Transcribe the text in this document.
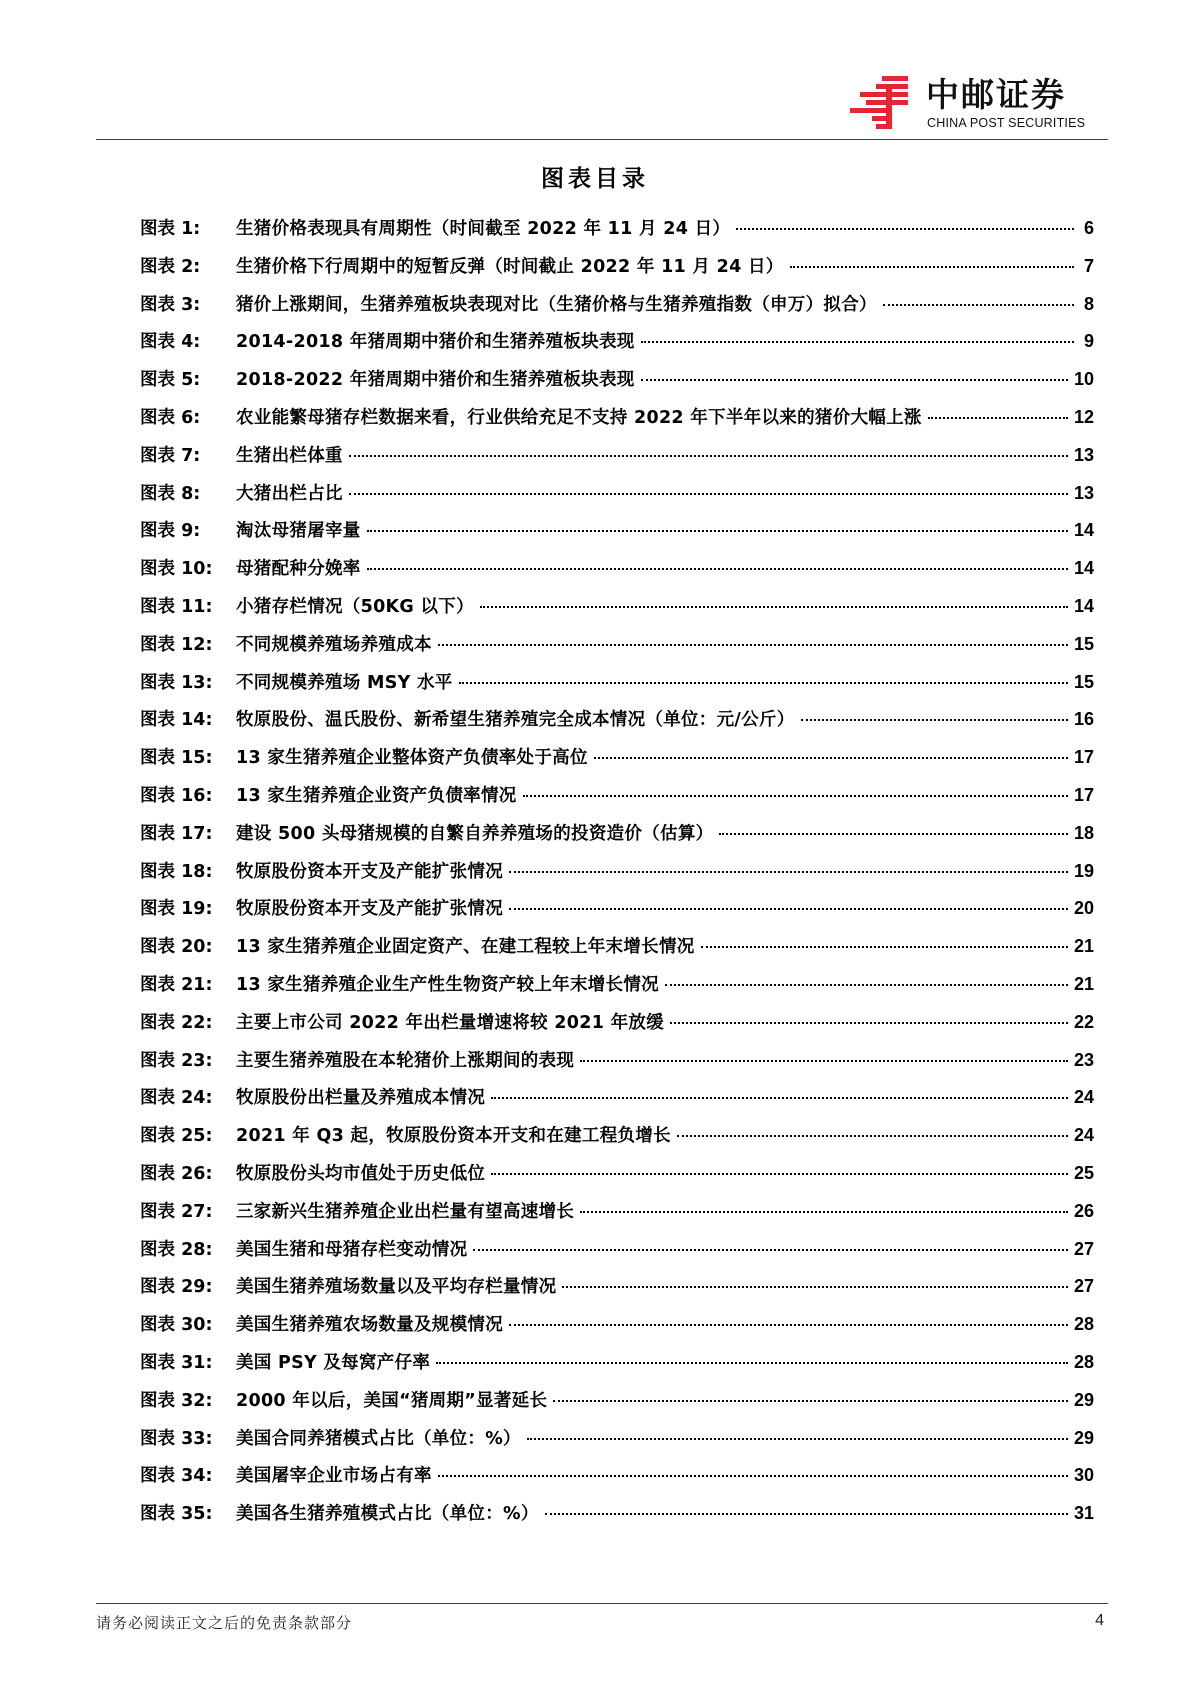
中邮证券
CHINA POST SECURITIES
图表目录
图表 1:	生猪价格表现具有周期性（时间截至 2022 年 11 月 24 日）	6
图表 2:	生猪价格下行周期中的短暂反弹（时间截止 2022 年 11 月 24 日）	7
图表 3:	猪价上涨期间，生猪养殖板块表现对比（生猪价格与生猪养殖指数（申万）拟合）	8
图表 4:	2014-2018 年猪周期中猪价和生猪养殖板块表现	9
图表 5:	2018-2022 年猪周期中猪价和生猪养殖板块表现	10
图表 6:	农业能繁母猪存栏数据来看，行业供给充足不支持 2022 年下半年以来的猪价大幅上涨	12
图表 7:	生猪出栏体重	13
图表 8:	大猪出栏占比	13
图表 9:	淘汰母猪屠宰量	14
图表 10:	母猪配种分娩率	14
图表 11:	小猪存栏情况（50KG 以下）	14
图表 12:	不同规模养殖场养殖成本	15
图表 13:	不同规模养殖场 MSY 水平	15
图表 14:	牧原股份、温氏股份、新希望生猪养殖完全成本情况（单位：元/公斤）	16
图表 15:	13 家生猪养殖企业整体资产负债率处于高位	17
图表 16:	13 家生猪养殖企业资产负债率情况	17
图表 17:	建设 500 头母猪规模的自繁自养养殖场的投资造价（估算）	18
图表 18:	牧原股份资本开支及产能扩张情况	19
图表 19:	牧原股份资本开支及产能扩张情况	20
图表 20:	13 家生猪养殖企业固定资产、在建工程较上年末增长情况	21
图表 21:	13 家生猪养殖企业生产性生物资产较上年末增长情况	21
图表 22:	主要上市公司 2022 年出栏量增速将较 2021 年放缓	22
图表 23:	主要生猪养殖股在本轮猪价上涨期间的表现	23
图表 24:	牧原股份出栏量及养殖成本情况	24
图表 25:	2021 年 Q3 起，牧原股份资本开支和在建工程负增长	24
图表 26:	牧原股份头均市值处于历史低位	25
图表 27:	三家新兴生猪养殖企业出栏量有望高速增长	26
图表 28:	美国生猪和母猪存栏变动情况	27
图表 29:	美国生猪养殖场数量以及平均存栏量情况	27
图表 30:	美国生猪养殖农场数量及规模情况	28
图表 31:	美国 PSY 及每窝产仔率	28
图表 32:	2000 年以后，美国“猪周期”显著延长	29
图表 33:	美国合同养猪模式占比（单位：%）	29
图表 34:	美国屠宰企业市场占有率	30
图表 35:	美国各生猪养殖模式占比（单位：%）	31
请务必阅读正文之后的免责条款部分	4
